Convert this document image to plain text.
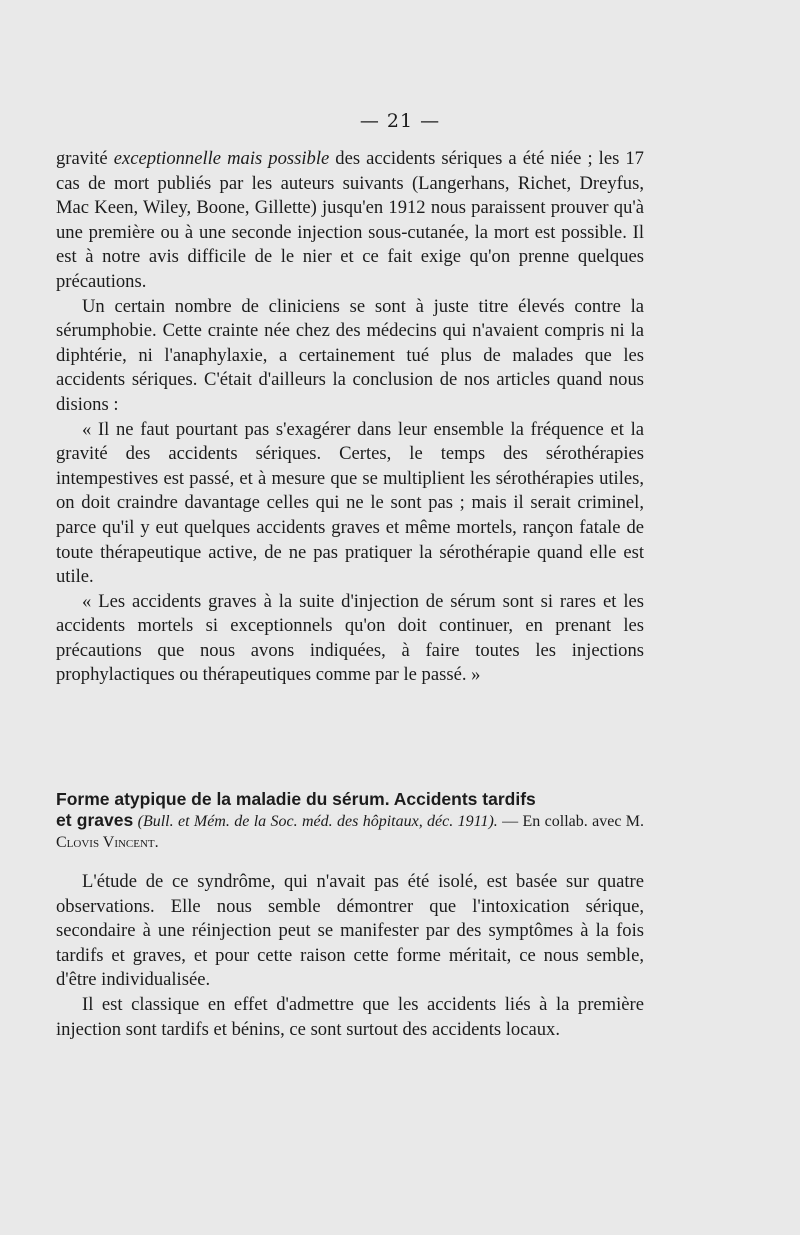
— 21 —

gravité exceptionnelle mais possible des accidents sériques a été niée ; les 17 cas de mort publiés par les auteurs suivants (Langerhans, Richet, Dreyfus, Mac Keen, Wiley, Boone, Gillette) jusqu'en 1912 nous paraissent prouver qu'à une première ou à une seconde injection sous-cutanée, la mort est possible. Il est à notre avis difficile de le nier et ce fait exige qu'on prenne quelques précautions.

Un certain nombre de cliniciens se sont à juste titre élevés contre la sérumphobie. Cette crainte née chez des médecins qui n'avaient compris ni la diphtérie, ni l'anaphylaxie, a certainement tué plus de malades que les accidents sériques. C'était d'ailleurs la conclusion de nos articles quand nous disions :

« Il ne faut pourtant pas s'exagérer dans leur ensemble la fréquence et la gravité des accidents sériques. Certes, le temps des sérothérapies intempestives est passé, et à mesure que se multiplient les sérothérapies utiles, on doit craindre davantage celles qui ne le sont pas ; mais il serait criminel, parce qu'il y eut quelques accidents graves et même mortels, rançon fatale de toute thérapeutique active, de ne pas pratiquer la sérothérapie quand elle est utile.

« Les accidents graves à la suite d'injection de sérum sont si rares et les accidents mortels si exceptionnels qu'on doit continuer, en prenant les précautions que nous avons indiquées, à faire toutes les injections prophylactiques ou thérapeutiques comme par le passé. »

Forme atypique de la maladie du sérum. Accidents tardifs
et graves (Bull. et Mém. de la Soc. méd. des hôpitaux, déc. 1911). — En collab. avec M. Clovis Vincent.

L'étude de ce syndrôme, qui n'avait pas été isolé, est basée sur quatre observations. Elle nous semble démontrer que l'intoxication sérique, secondaire à une réinjection peut se manifester par des symptômes à la fois tardifs et graves, et pour cette raison cette forme méritait, ce nous semble, d'être individualisée.

Il est classique en effet d'admettre que les accidents liés à la première injection sont tardifs et bénins, ce sont surtout des accidents locaux.
